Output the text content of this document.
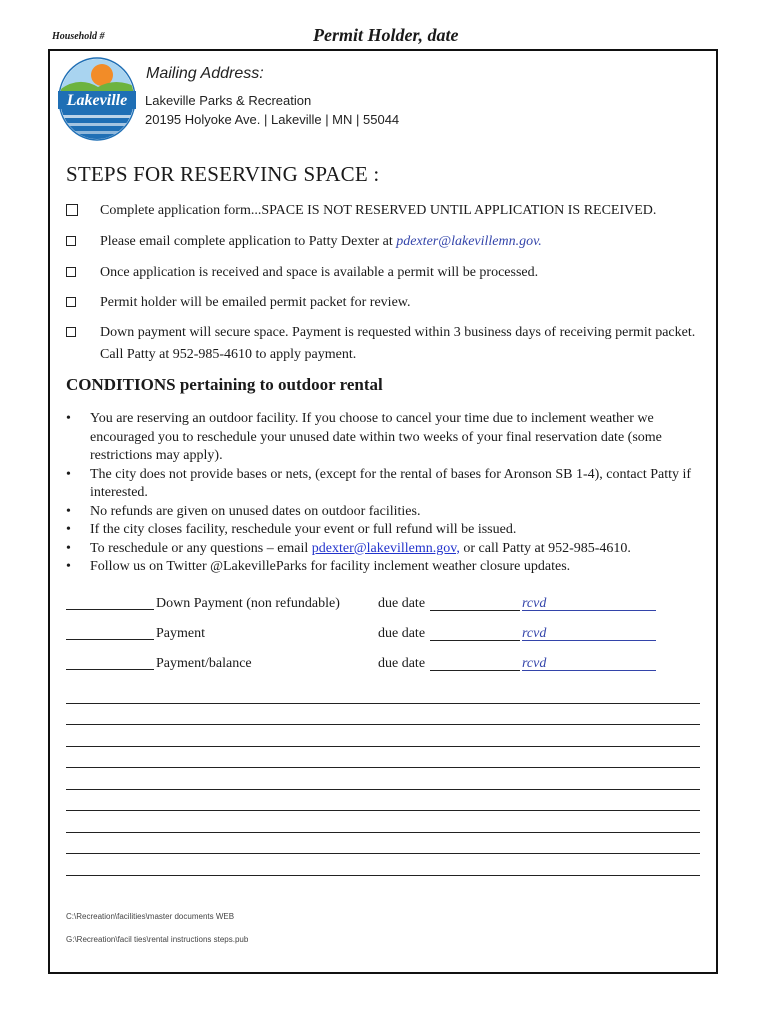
Household #	Permit Holder, date
Lakeville
Mailing Address:
Lakeville Parks & Recreation
20195 Holyoke Ave. | Lakeville | MN | 55044
STEPS FOR RESERVING SPACE :
Complete application form...SPACE IS NOT RESERVED UNTIL APPLICATION IS RECEIVED.
Please email complete application to Patty Dexter at pdexter@lakevillemn.gov.
Once application is received and space is available a permit will be processed.
Permit holder will be emailed permit packet for review.
Down payment will secure space. Payment is requested within 3 business days of receiving permit packet. Call Patty at 952-985-4610 to apply payment.
CONDITIONS pertaining to outdoor rental
• You are reserving an outdoor facility. If you choose to cancel your time due to inclement weather we encouraged you to reschedule your unused date within two weeks of your final reservation date (some restrictions may apply).
• The city does not provide bases or nets, (except for the rental of bases for Aronson SB 1-4), contact Patty if interested.
• No refunds are given on unused dates on outdoor facilities.
• If the city closes facility, reschedule your event or full refund will be issued.
• To reschedule or any questions – email pdexter@lakevillemn.gov, or call Patty at 952-985-4610.
• Follow us on Twitter @LakevilleParks for facility inclement weather closure updates.
Down Payment (non refundable)	due date	rcvd
Payment	due date	rcvd
Payment/balance	due date	rcvd
C:\Recreation\facilities\master documents WEB
G:\Recreation\facil ties\rental instructions steps.pub
